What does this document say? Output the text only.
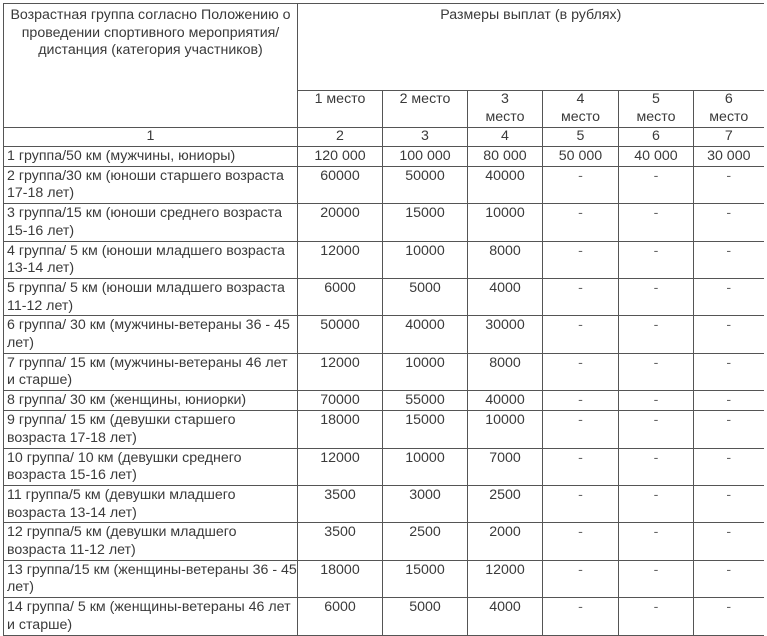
Возрастная группа согласно Положению о проведении спортивного мероприятия/дистанция (категория участников)	Размеры выплат (в рублях)					
	1 место	2 место	3 место	4 место	5 место	6 место

1	2	3	4	5	6	7
1 группа/50 км (мужчины, юниоры)	120 000	100 000	80 000	50 000	40 000	30 000
2 группа/30 км (юноши старшего возраста 17-18 лет)	60000	50000	40000	-	-	-
3 группа/15 км (юноши среднего возраста 15-16 лет)	20000	15000	10000	-	-	-
4 группа/ 5 км (юноши младшего возраста 13-14 лет)	12000	10000	8000	-	-	-
5 группа/ 5 км (юноши младшего возраста 11-12 лет)	6000	5000	4000	-	-	-
6 группа/ 30 км (мужчины-ветераны 36 - 45 лет)	50000	40000	30000	-	-	-
7 группа/ 15 км (мужчины-ветераны 46 лет и старше)	12000	10000	8000	-	-	-
8 группа/ 30 км (женщины, юниорки)	70000	55000	40000	-	-	-
9 группа/ 15 км (девушки старшего возраста 17-18 лет)	18000	15000	10000	-	-	-
10 группа/ 10 км (девушки среднего возраста 15-16 лет)	12000	10000	7000	-	-	-
11 группа/5 км (девушки младшего возраста 13-14 лет)	3500	3000	2500	-	-	-
12 группа/5 км (девушки младшего возраста 11-12 лет)	3500	2500	2000	-	-	-
13 группа/15 км (женщины-ветераны 36 - 45 лет)	18000	15000	12000	-	-	-
14 группа/ 5 км (женщины-ветераны 46 лет и старше)	6000	5000	4000	-	-	-
